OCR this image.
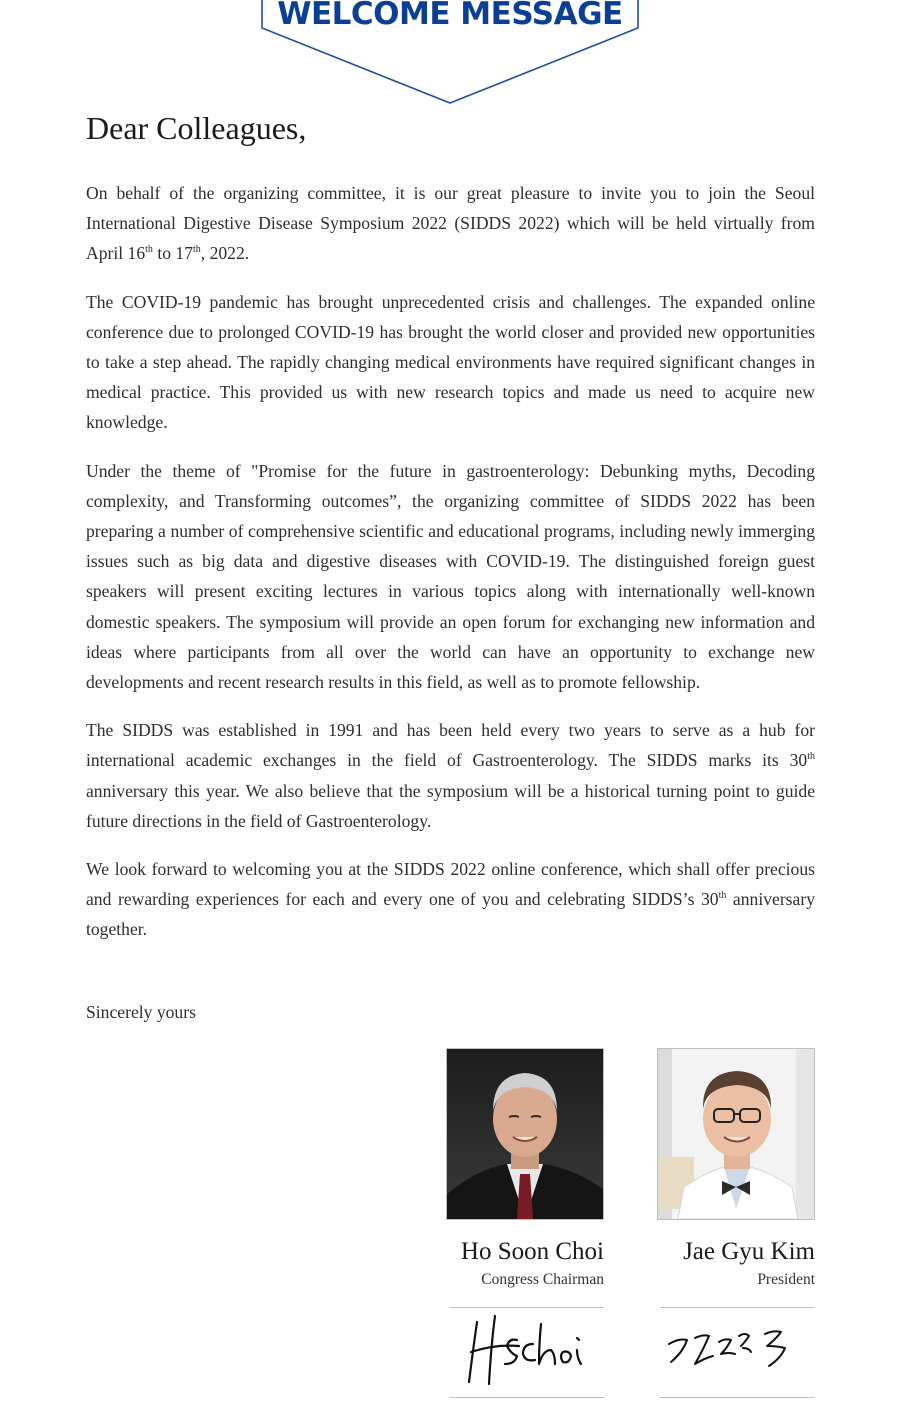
WELCOME MESSAGE
Dear Colleagues,

On behalf of the organizing committee, it is our great pleasure to invite you to join the Seoul International Digestive Disease Symposium 2022 (SIDDS 2022) which will be held virtually from April 16th to 17th, 2022.

The COVID-19 pandemic has brought unprecedented crisis and challenges. The expanded online conference due to prolonged COVID-19 has brought the world closer and provided new opportunities to take a step ahead. The rapidly changing medical environments have required significant changes in medical practice. This provided us with new research topics and made us need to acquire new knowledge.

Under the theme of "Promise for the future in gastroenterology: Debunking myths, Decoding complexity, and Transforming outcomes”, the organizing committee of SIDDS 2022 has been preparing a number of comprehensive scientific and educational programs, including newly immerging issues such as big data and digestive diseases with COVID-19. The distinguished foreign guest speakers will present exciting lectures in various topics along with internationally well-known domestic speakers. The symposium will provide an open forum for exchanging new information and ideas where participants from all over the world can have an opportunity to exchange new developments and recent research results in this field, as well as to promote fellowship.

The SIDDS was established in 1991 and has been held every two years to serve as a hub for international academic exchanges in the field of Gastroenterology. The SIDDS marks its 30th anniversary this year. We also believe that the symposium will be a historical turning point to guide future directions in the field of Gastroenterology.

We look forward to welcoming you at the SIDDS 2022 online conference, which shall offer precious and rewarding experiences for each and every one of you and celebrating SIDDS’s 30th anniversary together.

Sincerely yours
Ho Soon Choi
Congress Chairman
Jae Gyu Kim
President
